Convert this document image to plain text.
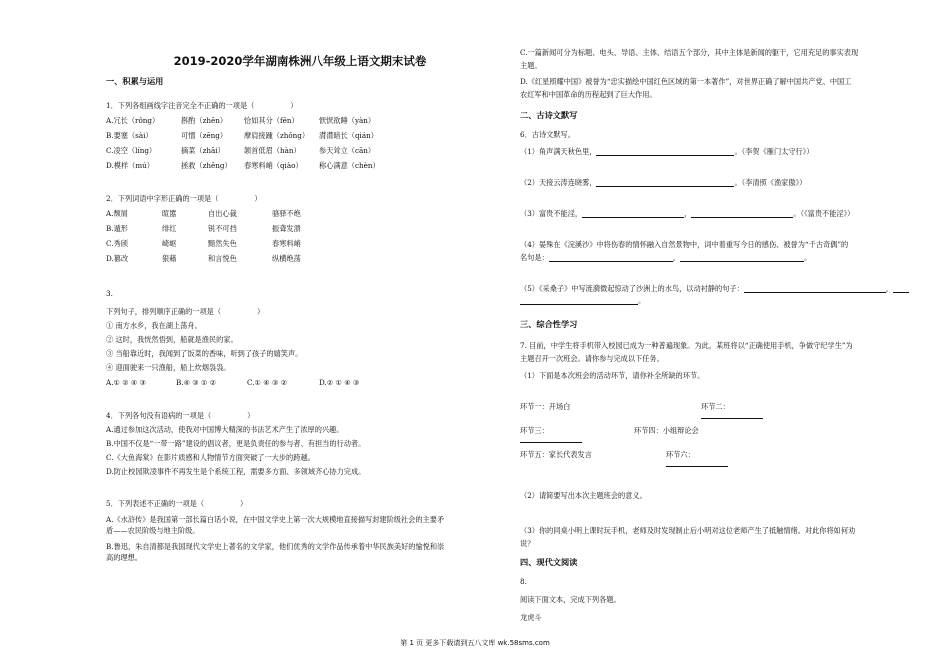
2019-2020学年湖南株洲八年级上语文期末试卷
一、积累与运用

1．下列各组画线字注音完全不正确的一项是（　　　　　）

A.冗长（rǒng）	斟酌（zhēn）	恰如其分（fēn）	恹恹欲睡（yàn）
B.要塞（sài）	可憎（zēng）	摩肩接踵（zhǒng）	潸潸暗长（qián）
C.凌空（líng）	摘菜（zhāi）	颔首低眉（hàn）	参天耸立（cān）
D.模样（mú）	拯救（zhěng）	春寒料峭（qiào）	称心满意（chèn）

2．下列词语中字形正确的一项是（　　　　　）

A.颓屑	暄嚣	自出心裁	骆驿不绝
B.遁形	绯红	锐不可挡	振聋发溃
C.秀颀	崎岖	黯然失色	春寒料峭
D.篡改	狠藉	和言悦色	纵横绝荡

3.

下列句子，排列顺序正确的一项是（　　　　　）

① 南方水乡，我在湖上荡舟。

② 这时，我恍然悟到，船就是渔民的家。

③ 当船靠近时，我闻到了饭菜的香味，听到了孩子的嬉笑声。

④ 迎面驶来一只渔船，船上炊烟袅袅。

A.① ② ④ ③	B.④ ③ ① ②	C.① ④ ③ ②	D.② ① ④ ③

4．下列各句没有语病的一项是（　　　　　）

A.通过参加这次活动，使我对中国博大精深的书法艺术产生了浓厚的兴趣。

B.中国不仅是“一带一路”建设的倡议者，更是负责任的参与者、有担当的行动者。

C.《大鱼海棠》在影片质感和人物情节方面突破了一大步的跨越。

D.防止校园欺凌事件不再发生是个系统工程，需要多方面、多领域齐心协力完成。

5．下列表述不正确的一项是（　　　　　）

A.《水浒传》是我国第一部长篇白话小说，在中国文学史上第一次大规模地直接描写封建阶级社会的主要矛

盾——农民阶级与地主阶级。

B.鲁迅，朱自清都是我国现代文学史上著名的文学家，他们优秀的文学作品传承着中华民族美好的愉悦和崇

高的理想。

C.一篇新闻可分为标题、电头、导语、主体、结语五个部分，其中主体是新闻的躯干，它用充足的事实表现

主题。

D.《红星照耀中国》被誉为“忠实描绘中国红色区域的第一本著作”，对世界正确了解中国共产党、中国工

农红军和中国革命的历程起到了巨大作用。

二、古诗文默写

6．古诗文默写。

（1）角声满天秋色里，	。（李贺《雁门太守行》）

（2）天接云涛连晓雾，	。（李清照《渔家傲》）

（3）富贵不能淫，	，	。（《富贵不能淫》）

（4）晏殊在《浣溪沙》中将伤春的情怀融入自然景物中，词中着重写今日的感伤、被誉为“千古奇偶”的

名句是：	，	。

（5）《采桑子》中写涟漪微起惊动了沙洲上的水鸟，以动衬静的句子：	，

。

三、综合性学习

7. 目前，中学生将手机带入校园已成为一种普遍现象。为此，某班将以“正确使用手机，争做守纪学生”为

主题召开一次班会。请你参与完成以下任务。

（1）下面是本次班会的活动环节，请你补全所缺的环节。

环节一：开场白	环节二：
环节三：	环节四：小组辩论会
环节五：家长代表发言	环节六：

（2）请简要写出本次主题班会的意义。

（3）你的同桌小明上课时玩手机，老师及时发现制止后小明对这位老师产生了抵触情绪。对此你将如何劝

说？

四、现代文阅读

8.

阅读下面文本，完成下列各题。

龙虎斗

第 1 页 更多下载请到五八文库 wk.58sms.com
